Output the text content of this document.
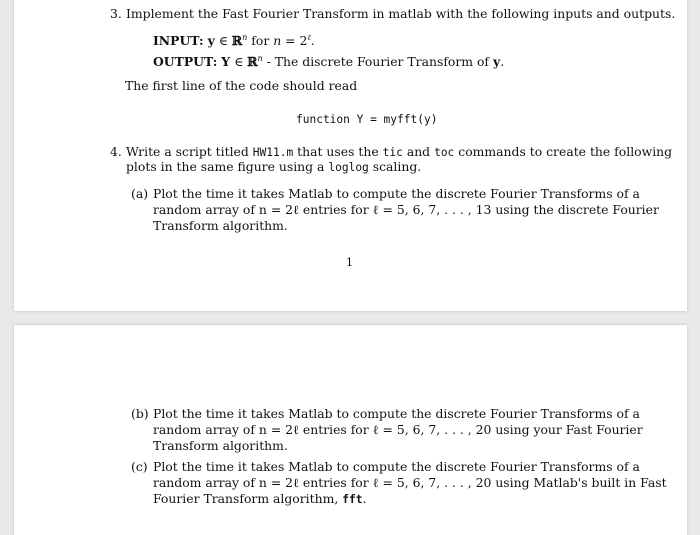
3. Implement the Fast Fourier Transform in matlab with the following inputs and outputs.

INPUT: y ∈ ℝ$^n$ for $n = 2^\ell$.

OUTPUT: Y ∈ ℝ$^n$ - The discrete Fourier Transform of y.

The first line of the code should read

function Y = myfft(y)

4. Write a script titled HW11.m that uses the tic and toc commands to create the following

plots in the same figure using a loglog scaling.

(a) Plot the time it takes Matlab to compute the discrete Fourier Transforms of a

random array of n = 2ℓ entries for ℓ = 5, 6, 7, . . . , 13 using the discrete Fourier

Transform algorithm.

1

(b) Plot the time it takes Matlab to compute the discrete Fourier Transforms of a

random array of n = 2ℓ entries for ℓ = 5, 6, 7, . . . , 20 using your Fast Fourier

Transform algorithm.

(c) Plot the time it takes Matlab to compute the discrete Fourier Transforms of a

random array of n = 2ℓ entries for ℓ = 5, 6, 7, . . . , 20 using Matlab's built in Fast

Fourier Transform algorithm, fft.
